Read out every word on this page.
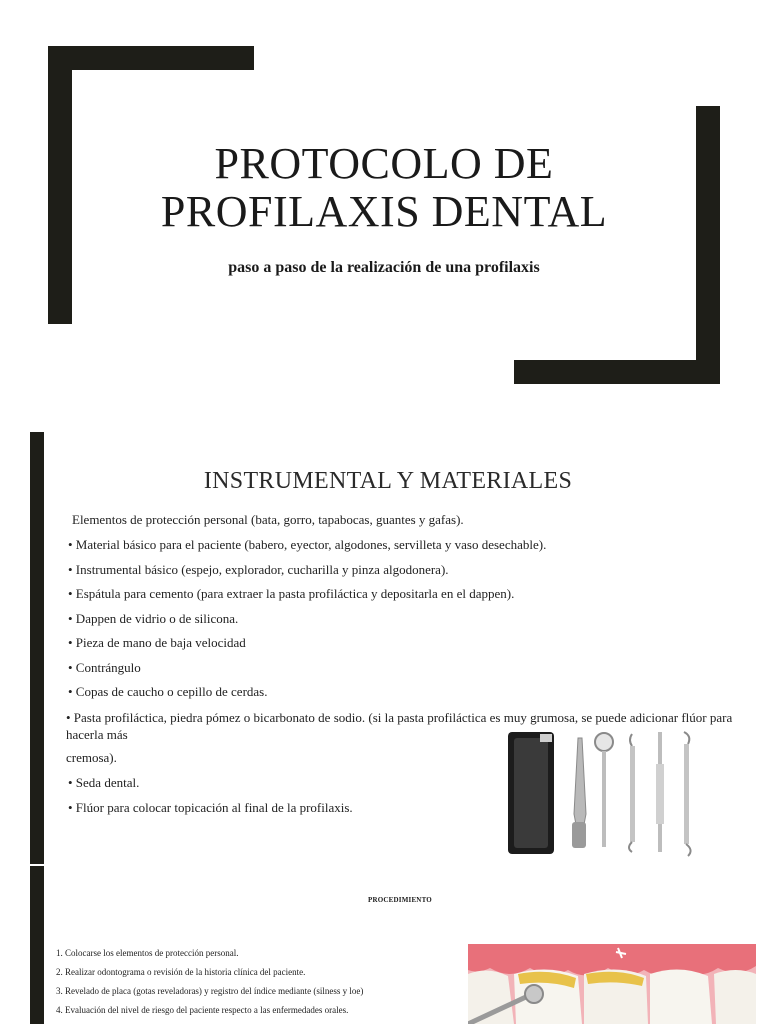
PROTOCOLO DE
PROFILAXIS DENTAL
paso a paso de la realización de una profilaxis
INSTRUMENTAL Y MATERIALES
Elementos de protección personal (bata, gorro, tapabocas, guantes y gafas).
• Material básico para el paciente (babero, eyector, algodones, servilleta y vaso desechable).
• Instrumental básico (espejo, explorador, cucharilla y pinza algodonera).
• Espátula para cemento (para extraer la pasta profiláctica y depositarla en el dappen).
• Dappen de vidrio o de silicona.
• Pieza de mano de baja velocidad
• Contrángulo
• Copas de caucho o cepillo de cerdas.
• Pasta profiláctica, piedra pómez o bicarbonato de sodio. (si la pasta profiláctica es muy grumosa, se puede adicionar flúor para hacerla más
cremosa).
• Seda dental.
• Flúor para colocar topicación al final de la profilaxis.
PROCEDIMIENTO
1. Colocarse los elementos de protección personal.
2. Realizar odontograma o revisión de la historia clínica del paciente.
3. Revelado de placa (gotas reveladoras) y registro del índice mediante (silness y loe)
4. Evaluación del nivel de riesgo del paciente respecto a las enfermedades orales.
